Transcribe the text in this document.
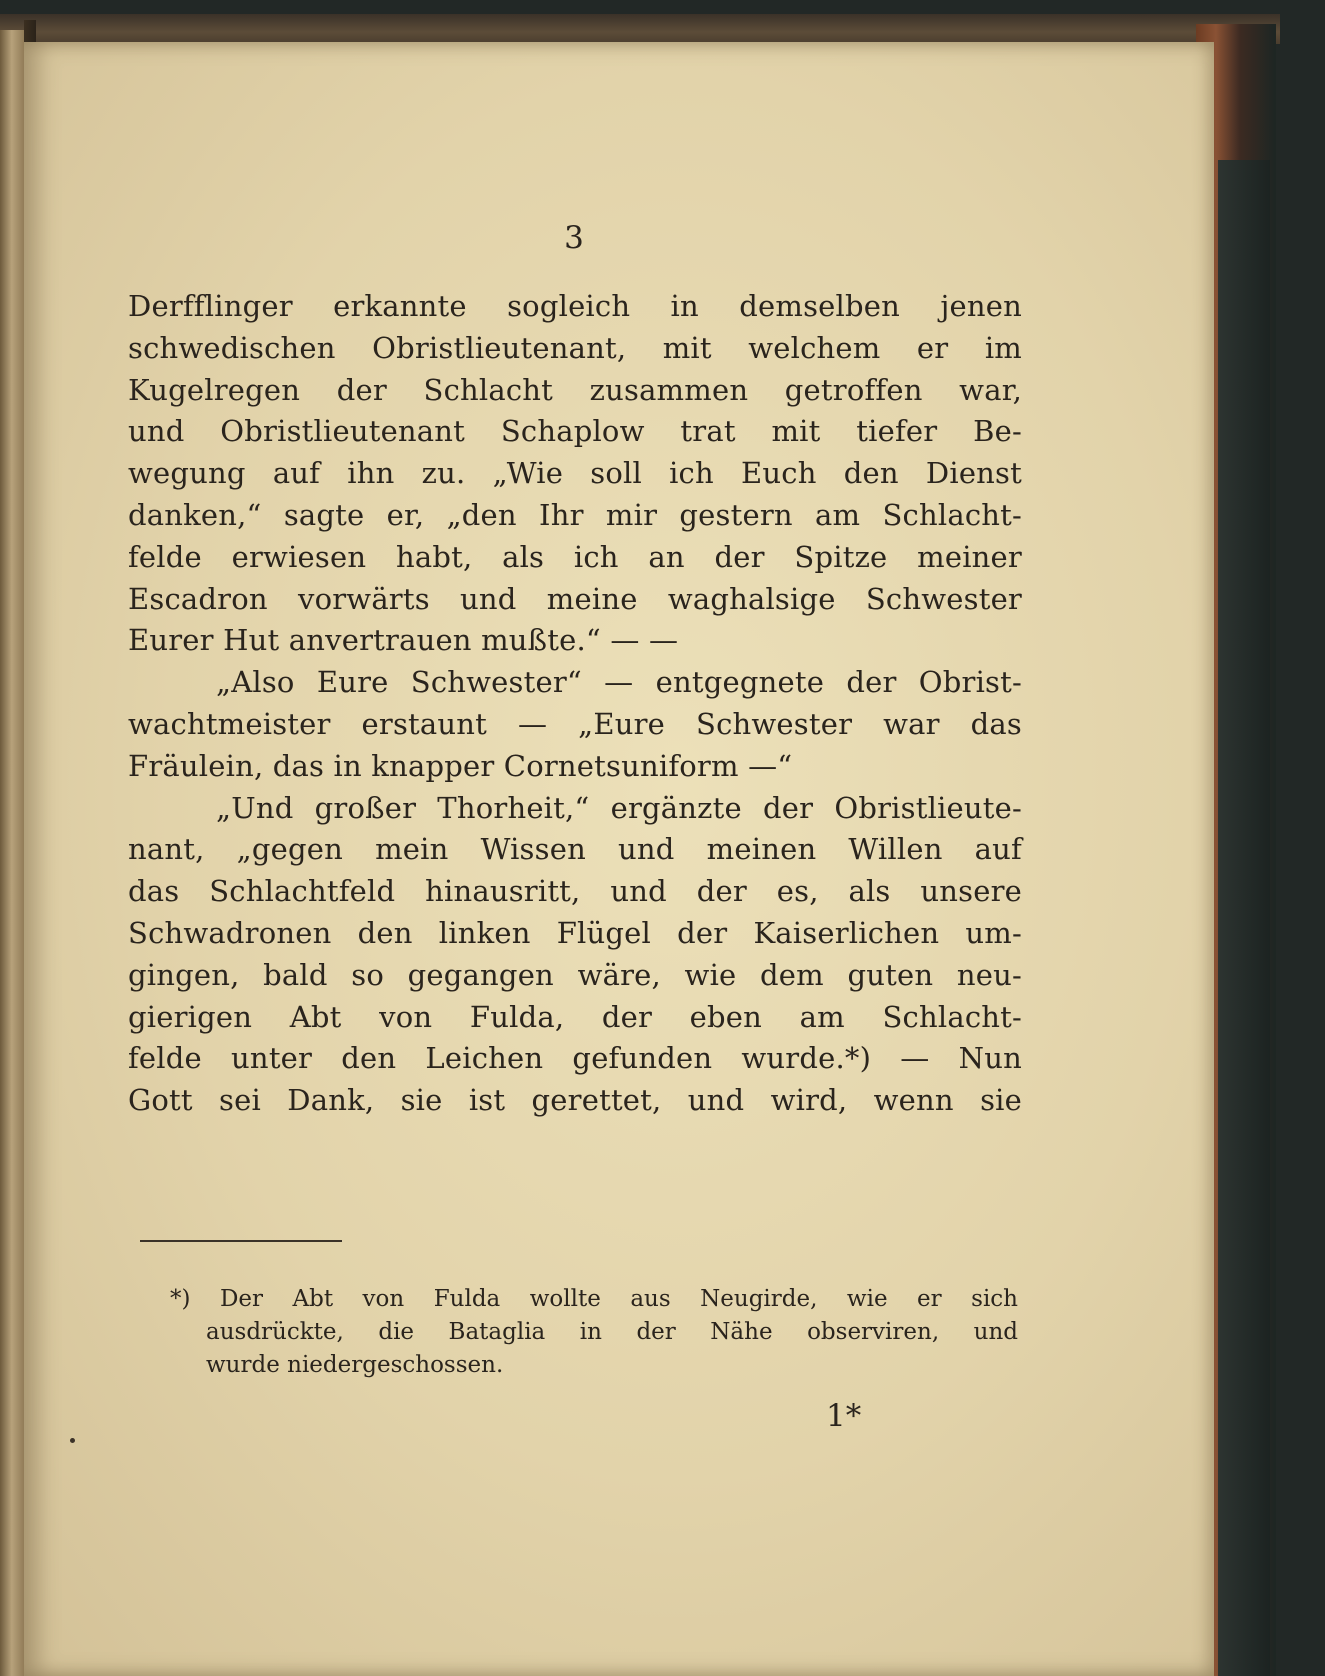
3
Derfflinger erkannte sogleich in demselben jenen
schwedischen Obristlieutenant, mit welchem er im
Kugelregen der Schlacht zusammen getroffen war,
und Obristlieutenant Schaplow trat mit tiefer Be-
wegung auf ihn zu. „Wie soll ich Euch den Dienst
danken,“ sagte er, „den Ihr mir gestern am Schlacht-
felde erwiesen habt, als ich an der Spitze meiner
Escadron vorwärts und meine waghalsige Schwester
Eurer Hut anvertrauen mußte.“ — —
„Also Eure Schwester“ — entgegnete der Obrist-
wachtmeister erstaunt — „Eure Schwester war das
Fräulein, das in knapper Cornetsuniform —“
„Und großer Thorheit,“ ergänzte der Obristlieute-
nant, „gegen mein Wissen und meinen Willen auf
das Schlachtfeld hinausritt, und der es, als unsere
Schwadronen den linken Flügel der Kaiserlichen um-
gingen, bald so gegangen wäre, wie dem guten neu-
gierigen Abt von Fulda, der eben am Schlacht-
felde unter den Leichen gefunden wurde.*) — Nun
Gott sei Dank, sie ist gerettet, und wird, wenn sie
*) Der Abt von Fulda wollte aus Neugirde, wie er sich
ausdrückte, die Bataglia in der Nähe observiren, und
wurde niedergeschossen.
1*
